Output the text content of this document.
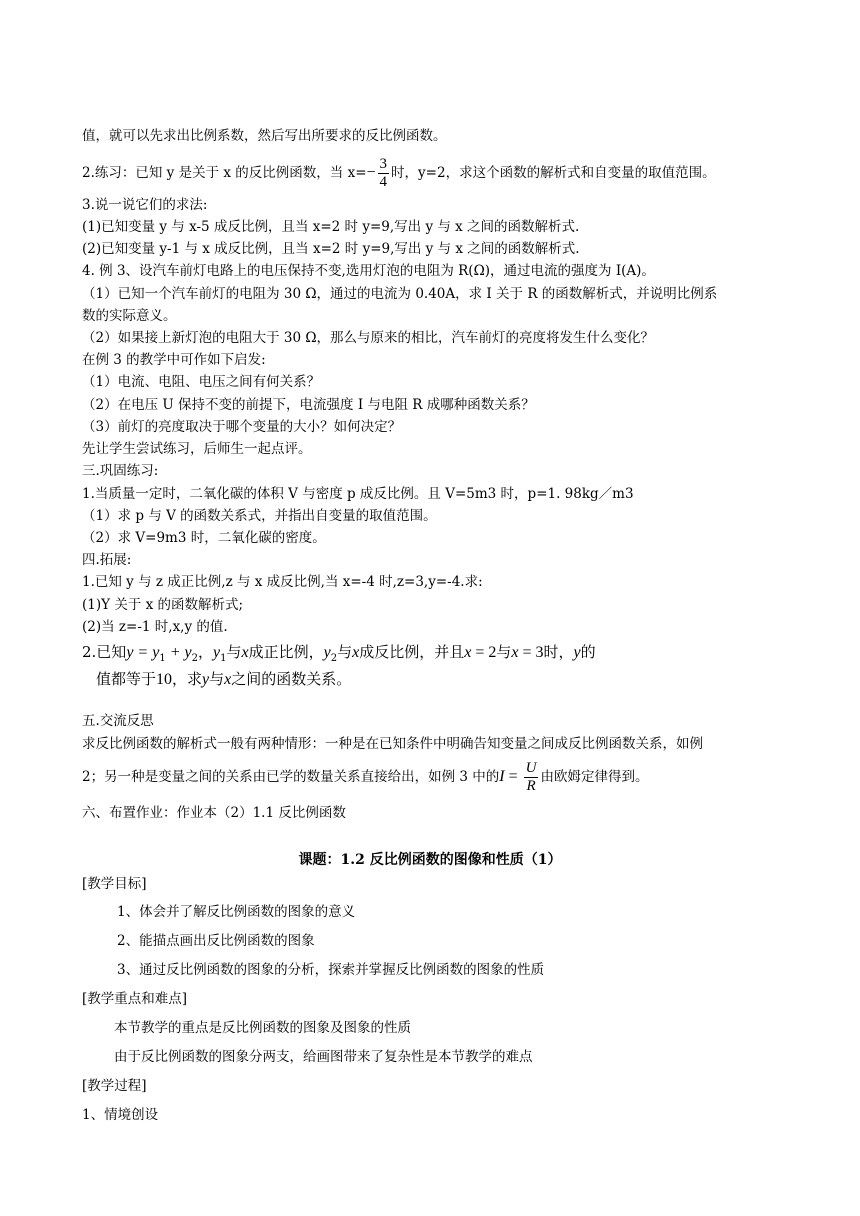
值，就可以先求出比例系数，然后写出所要求的反比例函数。
2.练习：已知 y 是关于 x 的反比例函数，当 $x=- \frac{3}{4}$ 时，y=2，求这个函数的解析式和自变量的取值范围。
3.说一说它们的求法:
(1)已知变量 y 与 x-5 成反比例，且当 x=2 时 y=9,写出 y 与 x 之间的函数解析式.
(2)已知变量 y-1 与 x 成反比例，且当 x=2 时 y=9,写出 y 与 x 之间的函数解析式.
4. 例 3、设汽车前灯电路上的电压保持不变,选用灯泡的电阻为 R(Ω)，通过电流的强度为 I(A)。
（1）已知一个汽车前灯的电阻为 30 Ω，通过的电流为 0.40A，求 I 关于 R 的函数解析式，并说明比例系
数的实际意义。
（2）如果接上新灯泡的电阻大于 30 Ω，那么与原来的相比，汽车前灯的亮度将发生什么变化？
在例 3 的教学中可作如下启发:
（1）电流、电阻、电压之间有何关系？
（2）在电压 U 保持不变的前提下，电流强度 I 与电阻 R 成哪种函数关系？
（3）前灯的亮度取决于哪个变量的大小？如何决定？
先让学生尝试练习，后师生一起点评。
三.巩固练习:
1.当质量一定时，二氧化碳的体积 V 与密度 p 成反比例。且 V=5m3 时，p=1. 98kg／m3
（1）求 p 与 V 的函数关系式，并指出自变量的取值范围。
（2）求 V=9m3 时，二氧化碳的密度。
四.拓展:
1.已知 y 与 z 成正比例,z 与 x 成反比例,当 x=-4 时,z=3,y=-4.求:
(1)Y 关于 x 的函数解析式;
(2)当 z=-1 时,x,y 的值.
2.已知$y = y_1 + y_2$，$y_1$与x成正比例，$y_2$与x成反比例，并且x = 2与x = 3时，y的
值都等于10，求y与x之间的函数关系。
五.交流反思
求反比例函数的解析式一般有两种情形：一种是在已知条件中明确告知变量之间成反比例函数关系，如例
2；另一种是变量之间的关系由已学的数量关系直接给出，如例 3 中的$I = \frac{U}{R}$ 由欧姆定律得到。
六、布置作业：作业本（2）1.1 反比例函数
课题：1.2 反比例函数的图像和性质（1）
[教学目标]
1、体会并了解反比例函数的图象的意义
2、能描点画出反比例函数的图象
3、通过反比例函数的图象的分析，探索并掌握反比例函数的图象的性质
[教学重点和难点]
本节教学的重点是反比例函数的图象及图象的性质
由于反比例函数的图象分两支，给画图带来了复杂性是本节教学的难点
[教学过程]
1、情境创设
